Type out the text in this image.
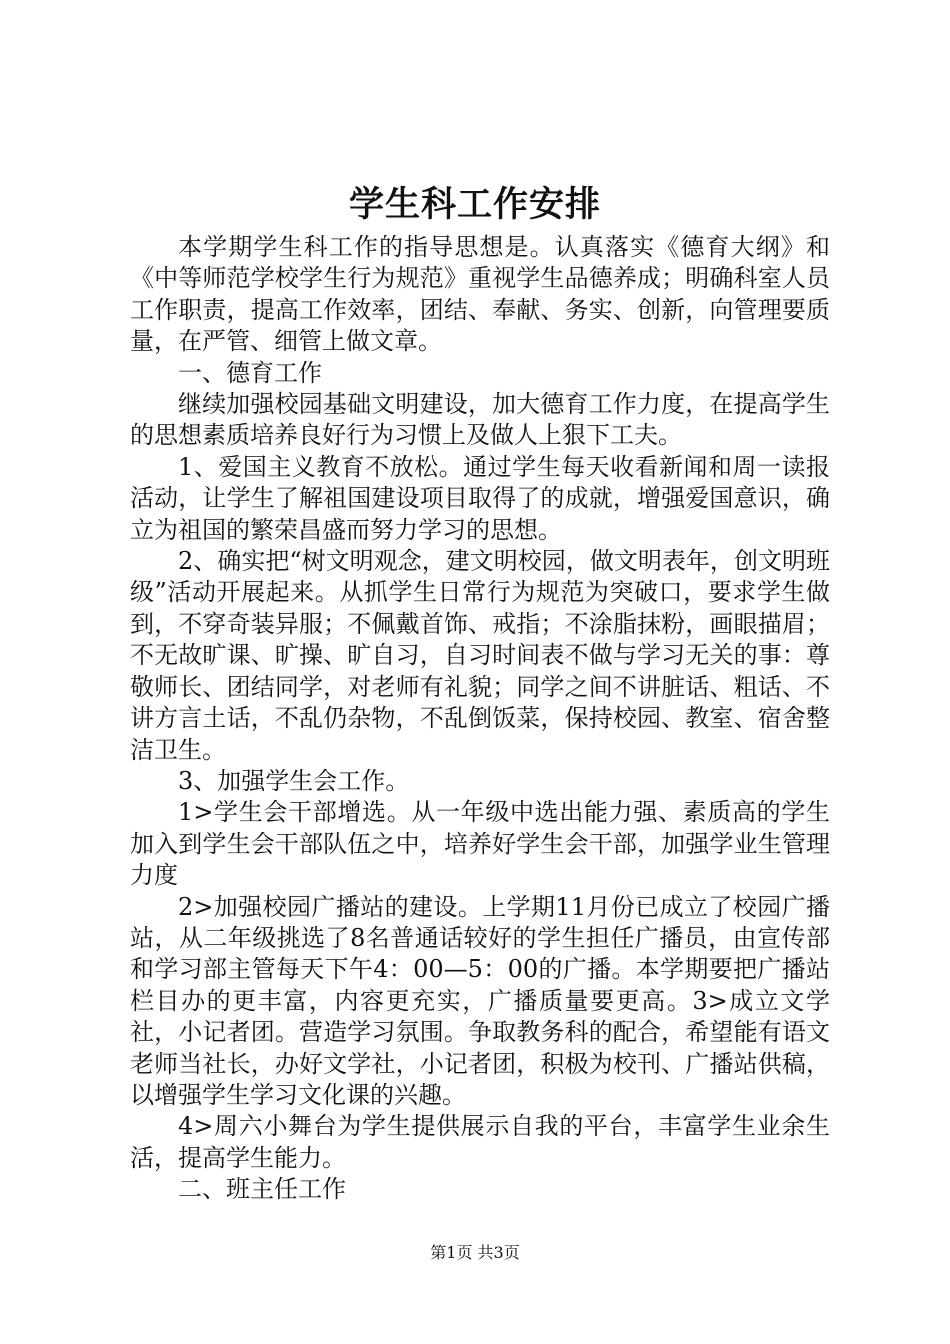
学生科工作安排

本学期学生科工作的指导思想是。认真落实《德育大纲》和《中等师范学校学生行为规范》重视学生品德养成；明确科室人员工作职责，提高工作效率，团结、奉献、务实、创新，向管理要质量，在严管、细管上做文章。

一、德育工作

继续加强校园基础文明建设，加大德育工作力度，在提高学生的思想素质培养良好行为习惯上及做人上狠下工夫。

1、爱国主义教育不放松。通过学生每天收看新闻和周一读报活动，让学生了解祖国建设项目取得了的成就，增强爱国意识，确立为祖国的繁荣昌盛而努力学习的思想。

2、确实把“树文明观念，建文明校园，做文明表年，创文明班级”活动开展起来。从抓学生日常行为规范为突破口，要求学生做到，不穿奇装异服；不佩戴首饰、戒指；不涂脂抹粉，画眼描眉；不无故旷课、旷操、旷自习，自习时间表不做与学习无关的事：尊敬师长、团结同学，对老师有礼貌；同学之间不讲脏话、粗话、不讲方言土话，不乱仍杂物，不乱倒饭菜，保持校园、教室、宿舍整洁卫生。

3、加强学生会工作。

1>学生会干部增选。从一年级中选出能力强、素质高的学生加入到学生会干部队伍之中，培养好学生会干部，加强学业生管理力度

2>加强校园广播站的建设。上学期11月份已成立了校园广播站，从二年级挑选了8名普通话较好的学生担任广播员，由宣传部和学习部主管每天下午4：00—5：00的广播。本学期要把广播站栏目办的更丰富，内容更充实，广播质量要更高。3>成立文学社，小记者团。营造学习氛围。争取教务科的配合，希望能有语文老师当社长，办好文学社，小记者团，积极为校刊、广播站供稿，以增强学生学习文化课的兴趣。

4>周六小舞台为学生提供展示自我的平台，丰富学生业余生活，提高学生能力。

二、班主任工作

第1页 共3页
